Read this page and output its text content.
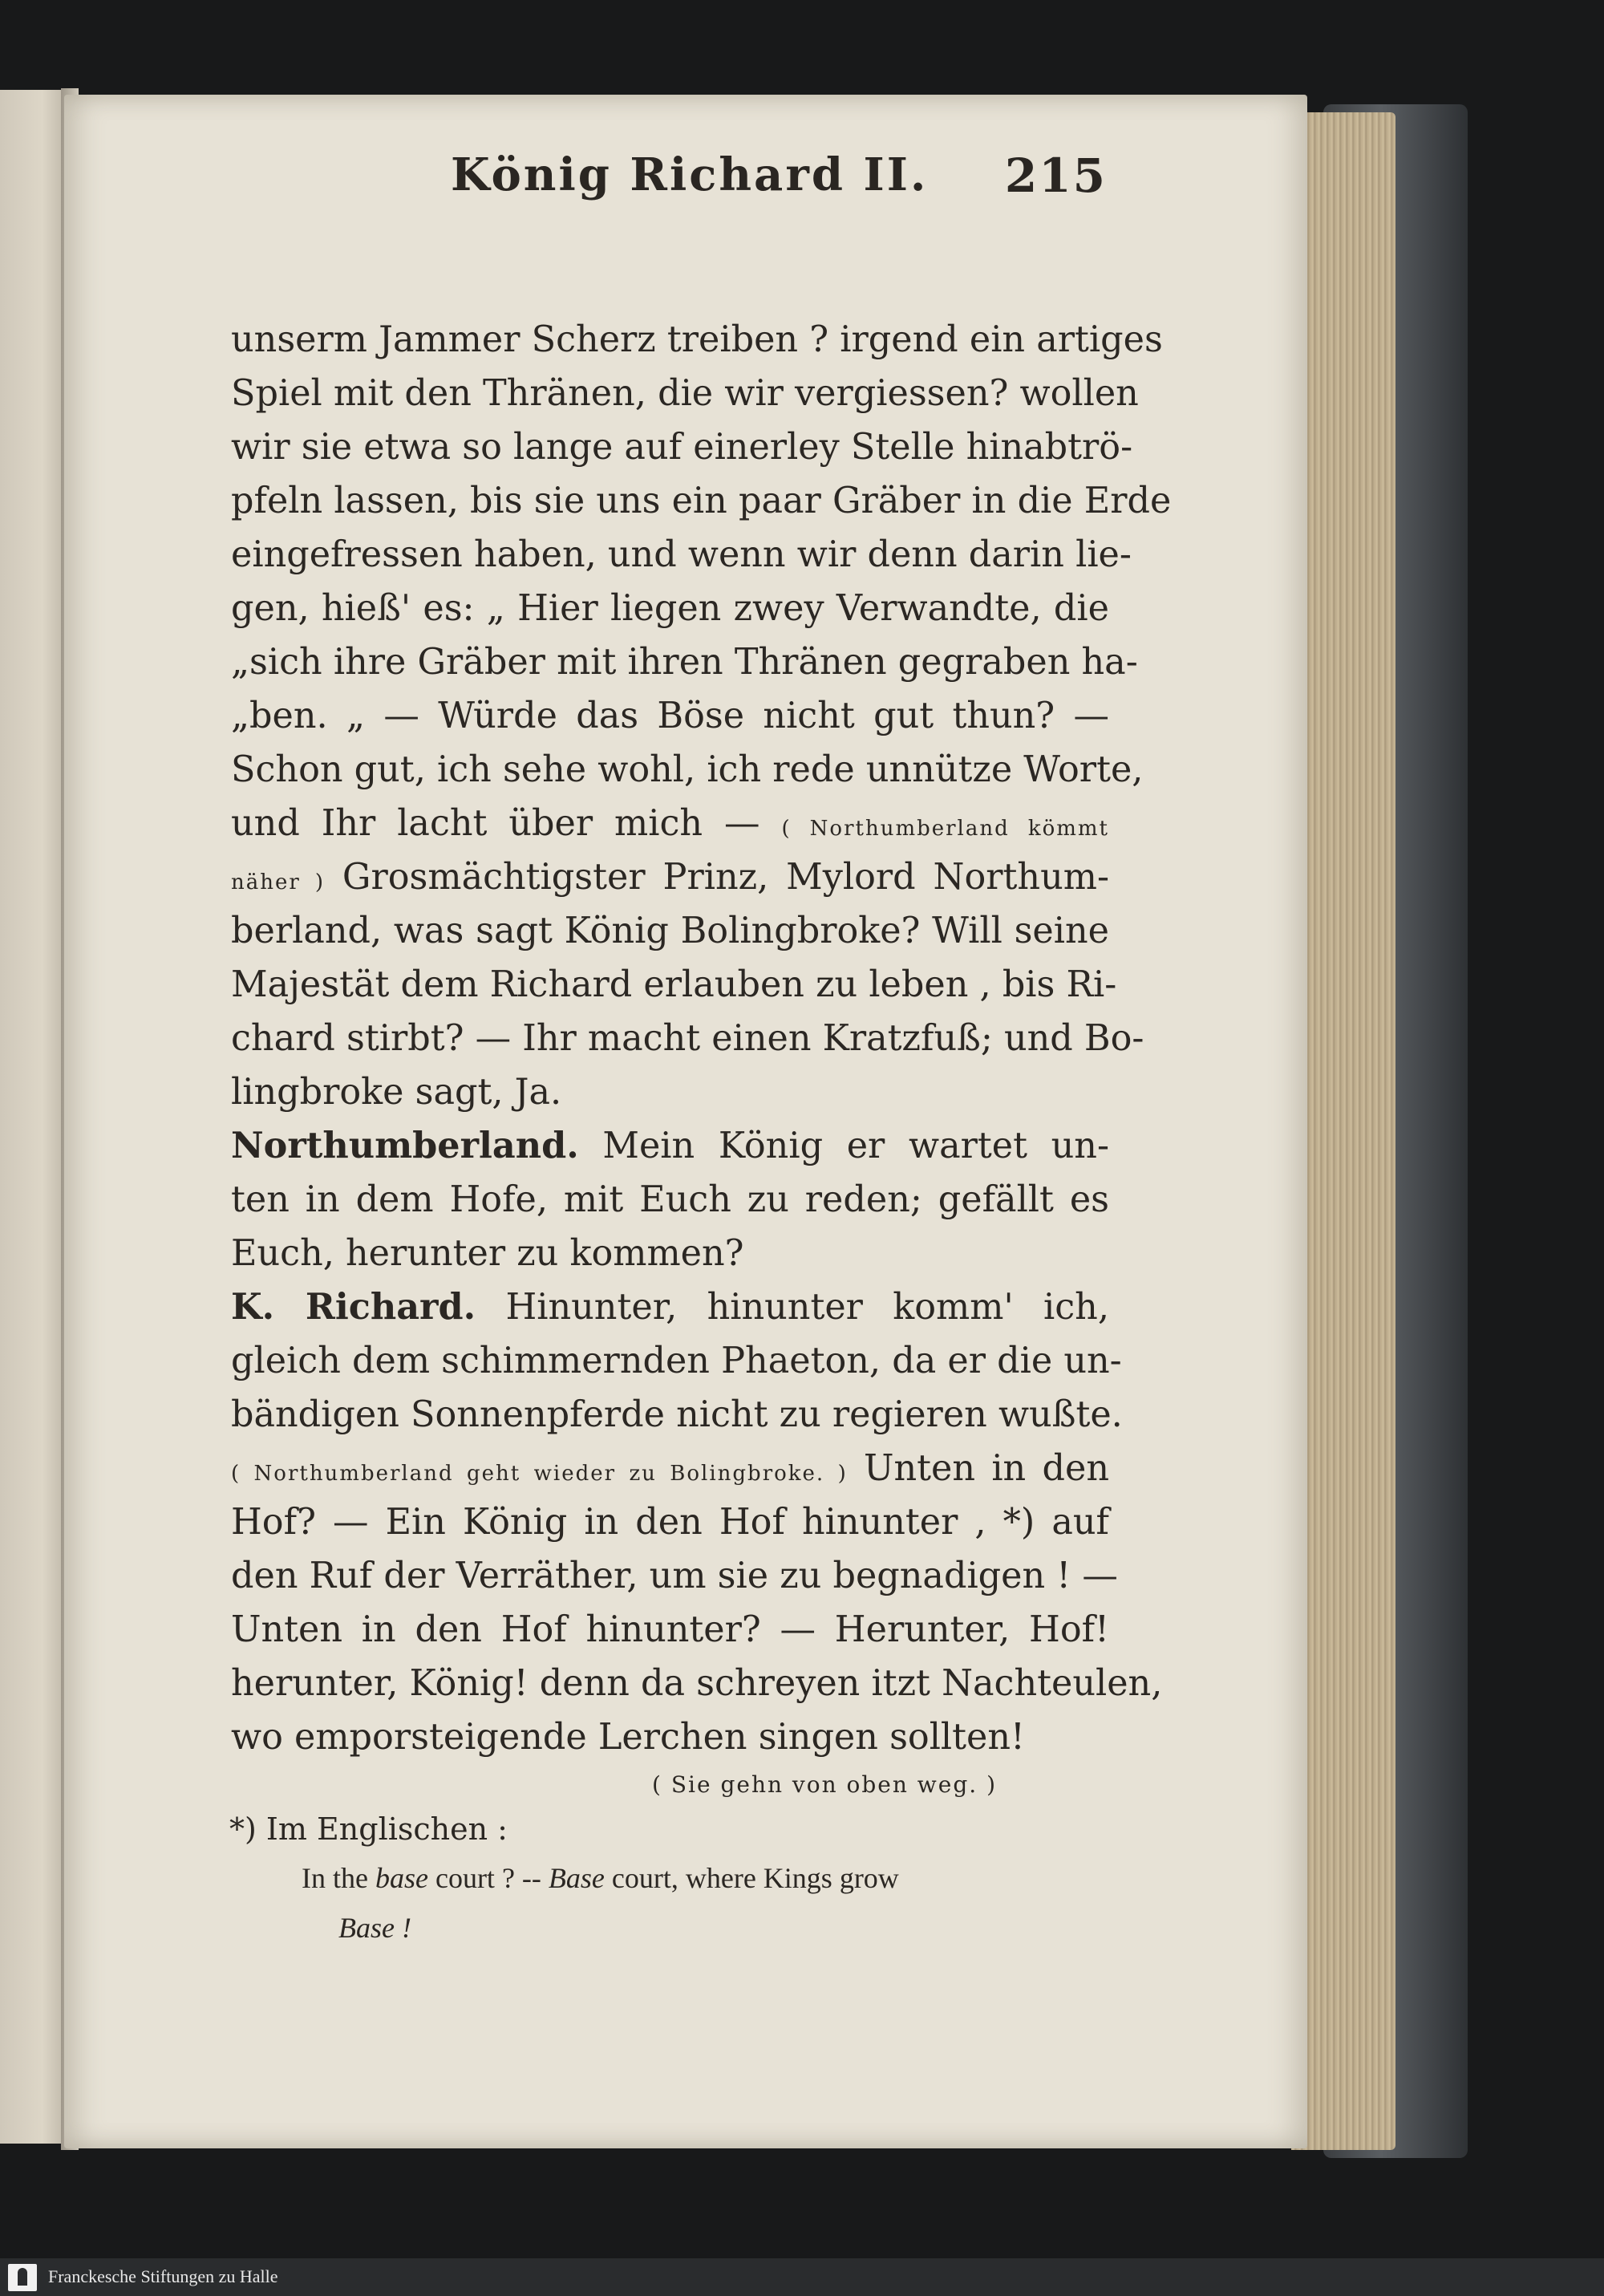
König Richard II. 215
unserm Jammer Scherz treiben ? irgend ein artiges
Spiel mit den Thränen, die wir vergiessen? wollen
wir sie etwa so lange auf einerley Stelle hinabtrö-
pfeln lassen, bis sie uns ein paar Gräber in die Erde
eingefressen haben, und wenn wir denn darin lie-
gen, hieß' es: „ Hier liegen zwey Verwandte, die
„sich ihre Gräber mit ihren Thränen gegraben ha-
„ben. „ — Würde das Böse nicht gut thun? —
Schon gut, ich sehe wohl, ich rede unnütze Worte,
und Ihr lacht über mich — ( Northumberland kömmt
näher ) Grosmächtigster Prinz, Mylord Northum-
berland, was sagt König Bolingbroke? Will seine
Majestät dem Richard erlauben zu leben , bis Ri-
chard stirbt? — Ihr macht einen Kratzfuß; und Bo-
lingbroke sagt, Ja.
Northumberland. Mein König er wartet un-
ten in dem Hofe, mit Euch zu reden; gefällt es
Euch, herunter zu kommen?
K. Richard. Hinunter, hinunter komm' ich,
gleich dem schimmernden Phaeton, da er die un-
bändigen Sonnenpferde nicht zu regieren wußte.
( Northumberland geht wieder zu Bolingbroke. ) Unten in den
Hof? — Ein König in den Hof hinunter , *) auf
den Ruf der Verräther, um sie zu begnadigen ! —
Unten in den Hof hinunter? — Herunter, Hof!
herunter, König! denn da schreyen itzt Nachteulen,
wo emporsteigende Lerchen singen sollten!
( Sie gehn von oben weg. )
*) Im Englischen :
In the base court ? -- Base court, where Kings grow
Base !
Franckesche Stiftungen zu Halle
